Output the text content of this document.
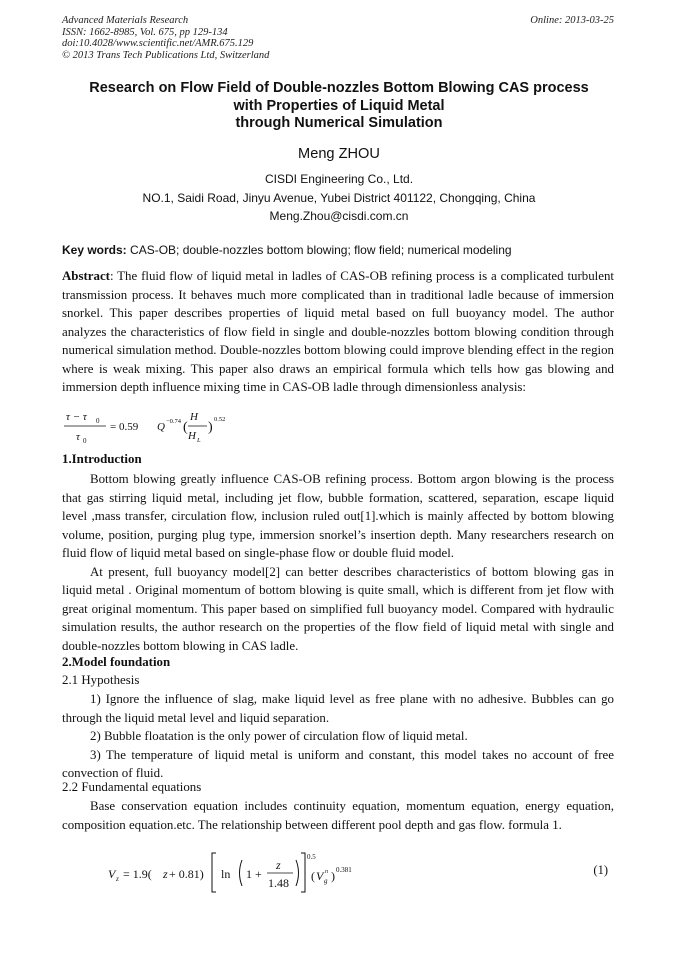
Advanced Materials Research
ISSN: 1662-8985, Vol. 675, pp 129-134
doi:10.4028/www.scientific.net/AMR.675.129
© 2013 Trans Tech Publications Ltd, Switzerland
Online: 2013-03-25
Research on Flow Field of Double-nozzles Bottom Blowing CAS process
with Properties of Liquid Metal
through Numerical Simulation
Meng ZHOU
CISDI Engineering Co., Ltd.
NO.1, Saidi Road, Jinyu Avenue, Yubei District 401122, Chongqing, China
Meng.Zhou@cisdi.com.cn
Key words: CAS-OB; double-nozzles bottom blowing; flow field; numerical modeling

Abstract: The fluid flow of liquid metal in ladles of CAS-OB refining process is a complicated turbulent transmission process. It behaves much more complicated than in traditional ladle because of immersion snorkel. This paper describes properties of liquid metal based on full buoyancy model. The author analyzes the characteristics of flow field in single and double-nozzles bottom blowing condition through numerical simulation method. Double-nozzles bottom blowing could improve blending effect in the region where is weak mixing. This paper also draws an empirical formula which tells how gas blowing and immersion depth influence mixing time in CAS-OB ladle through dimensionless analysis:

τ − τ 0
τ 0
= 0.59 Q −0.74 (
H
H L
)
0.52
1.Introduction

Bottom blowing greatly influence CAS-OB refining process. Bottom argon blowing is the process that gas stirring liquid metal, including jet flow, bubble formation, scattered, separation, escape liquid level ,mass transfer, circulation flow, inclusion ruled out[1].which is mainly affected by bottom blowing volume, position, purging plug type, immersion snorkel’s insertion depth. Many researchers research on fluid flow of liquid metal based on single-phase flow or double fluid model.

At present, full buoyancy model[2] can better describes characteristics of bottom blowing gas in liquid metal . Original momentum of bottom blowing is quite small, which is different from jet flow with great original momentum. This paper based on simplified full buoyancy model. Compared with hydraulic simulation results, the author research on the properties of the flow field of liquid metal with single and double-nozzles bottom blowing in CAS ladle.

2.Model foundation
2.1 Hypothesis

1) Ignore the influence of slag, make liquid level as free plane with no adhesive. Bubbles can go through the liquid metal level and liquid separation.

2) Bubble floatation is the only power of circulation flow of liquid metal.

3) The temperature of liquid metal is uniform and constant, this model takes no account of free convection of fluid.

2.2 Fundamental equations

Base conservation equation includes continuity equation, momentum equation, energy equation, composition equation.etc. The relationship between different pool depth and gas flow. formula 1.

V z = 1.9( z + 0.81) ln 1 +
z
1.48
0.5
( V g
n ) 0.381	(1)
